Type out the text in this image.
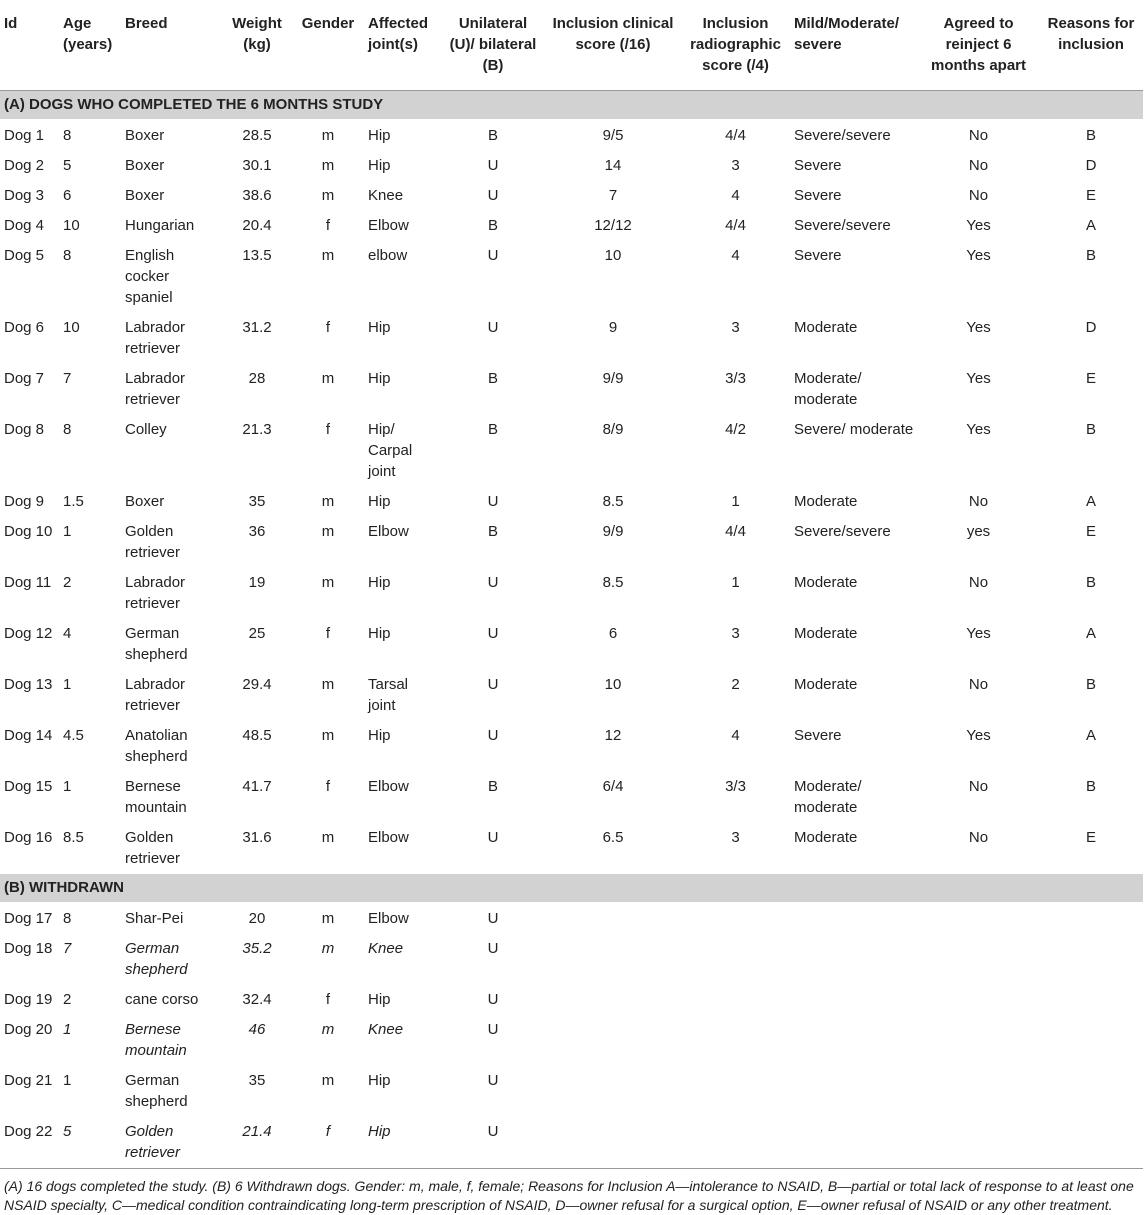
Id	Age (years)	Breed	Weight (kg)	Gender	Affected joint(s)	Unilateral (U)/ bilateral (B)	Inclusion clinical score (/16)	Inclusion radiographic score (/4)	Mild/Moderate/ severe	Agreed to reinject 6 months apart	Reasons for inclusion
(A) DOGS WHO COMPLETED THE 6 MONTHS STUDY											
Dog 1	8	Boxer	28.5	m	Hip	B	9/5	4/4	Severe/severe	No	B
Dog 2	5	Boxer	30.1	m	Hip	U	14	3	Severe	No	D
Dog 3	6	Boxer	38.6	m	Knee	U	7	4	Severe	No	E
Dog 4	10	Hungarian	20.4	f	Elbow	B	12/12	4/4	Severe/severe	Yes	A
Dog 5	8	English cocker spaniel	13.5	m	elbow	U	10	4	Severe	Yes	B
Dog 6	10	Labrador retriever	31.2	f	Hip	U	9	3	Moderate	Yes	D
Dog 7	7	Labrador retriever	28	m	Hip	B	9/9	3/3	Moderate/ moderate	Yes	E
Dog 8	8	Colley	21.3	f	Hip/ Carpal joint	B	8/9	4/2	Severe/ moderate	Yes	B
Dog 9	1.5	Boxer	35	m	Hip	U	8.5	1	Moderate	No	A
Dog 10	1	Golden retriever	36	m	Elbow	B	9/9	4/4	Severe/severe	yes	E
Dog 11	2	Labrador retriever	19	m	Hip	U	8.5	1	Moderate	No	B
Dog 12	4	German shepherd	25	f	Hip	U	6	3	Moderate	Yes	A
Dog 13	1	Labrador retriever	29.4	m	Tarsal joint	U	10	2	Moderate	No	B
Dog 14	4.5	Anatolian shepherd	48.5	m	Hip	U	12	4	Severe	Yes	A
Dog 15	1	Bernese mountain	41.7	f	Elbow	B	6/4	3/3	Moderate/ moderate	No	B
Dog 16	8.5	Golden retriever	31.6	m	Elbow	U	6.5	3	Moderate	No	E
(B) WITHDRAWN											
Dog 17	8	Shar-Pei	20	m	Elbow	U					
Dog 18	7	German shepherd	35.2	m	Knee	U					
Dog 19	2	cane corso	32.4	f	Hip	U					
Dog 20	1	Bernese mountain	46	m	Knee	U					
Dog 21	1	German shepherd	35	m	Hip	U					
Dog 22	5	Golden retriever	21.4	f	Hip	U					
(A) 16 dogs completed the study. (B) 6 Withdrawn dogs. Gender: m, male, f, female; Reasons for Inclusion A—intolerance to NSAID, B—partial or total lack of response to at least one NSAID specialty, C—medical condition contraindicating long-term prescription of NSAID, D—owner refusal for a surgical option, E—owner refusal of NSAID or any other treatment.											
